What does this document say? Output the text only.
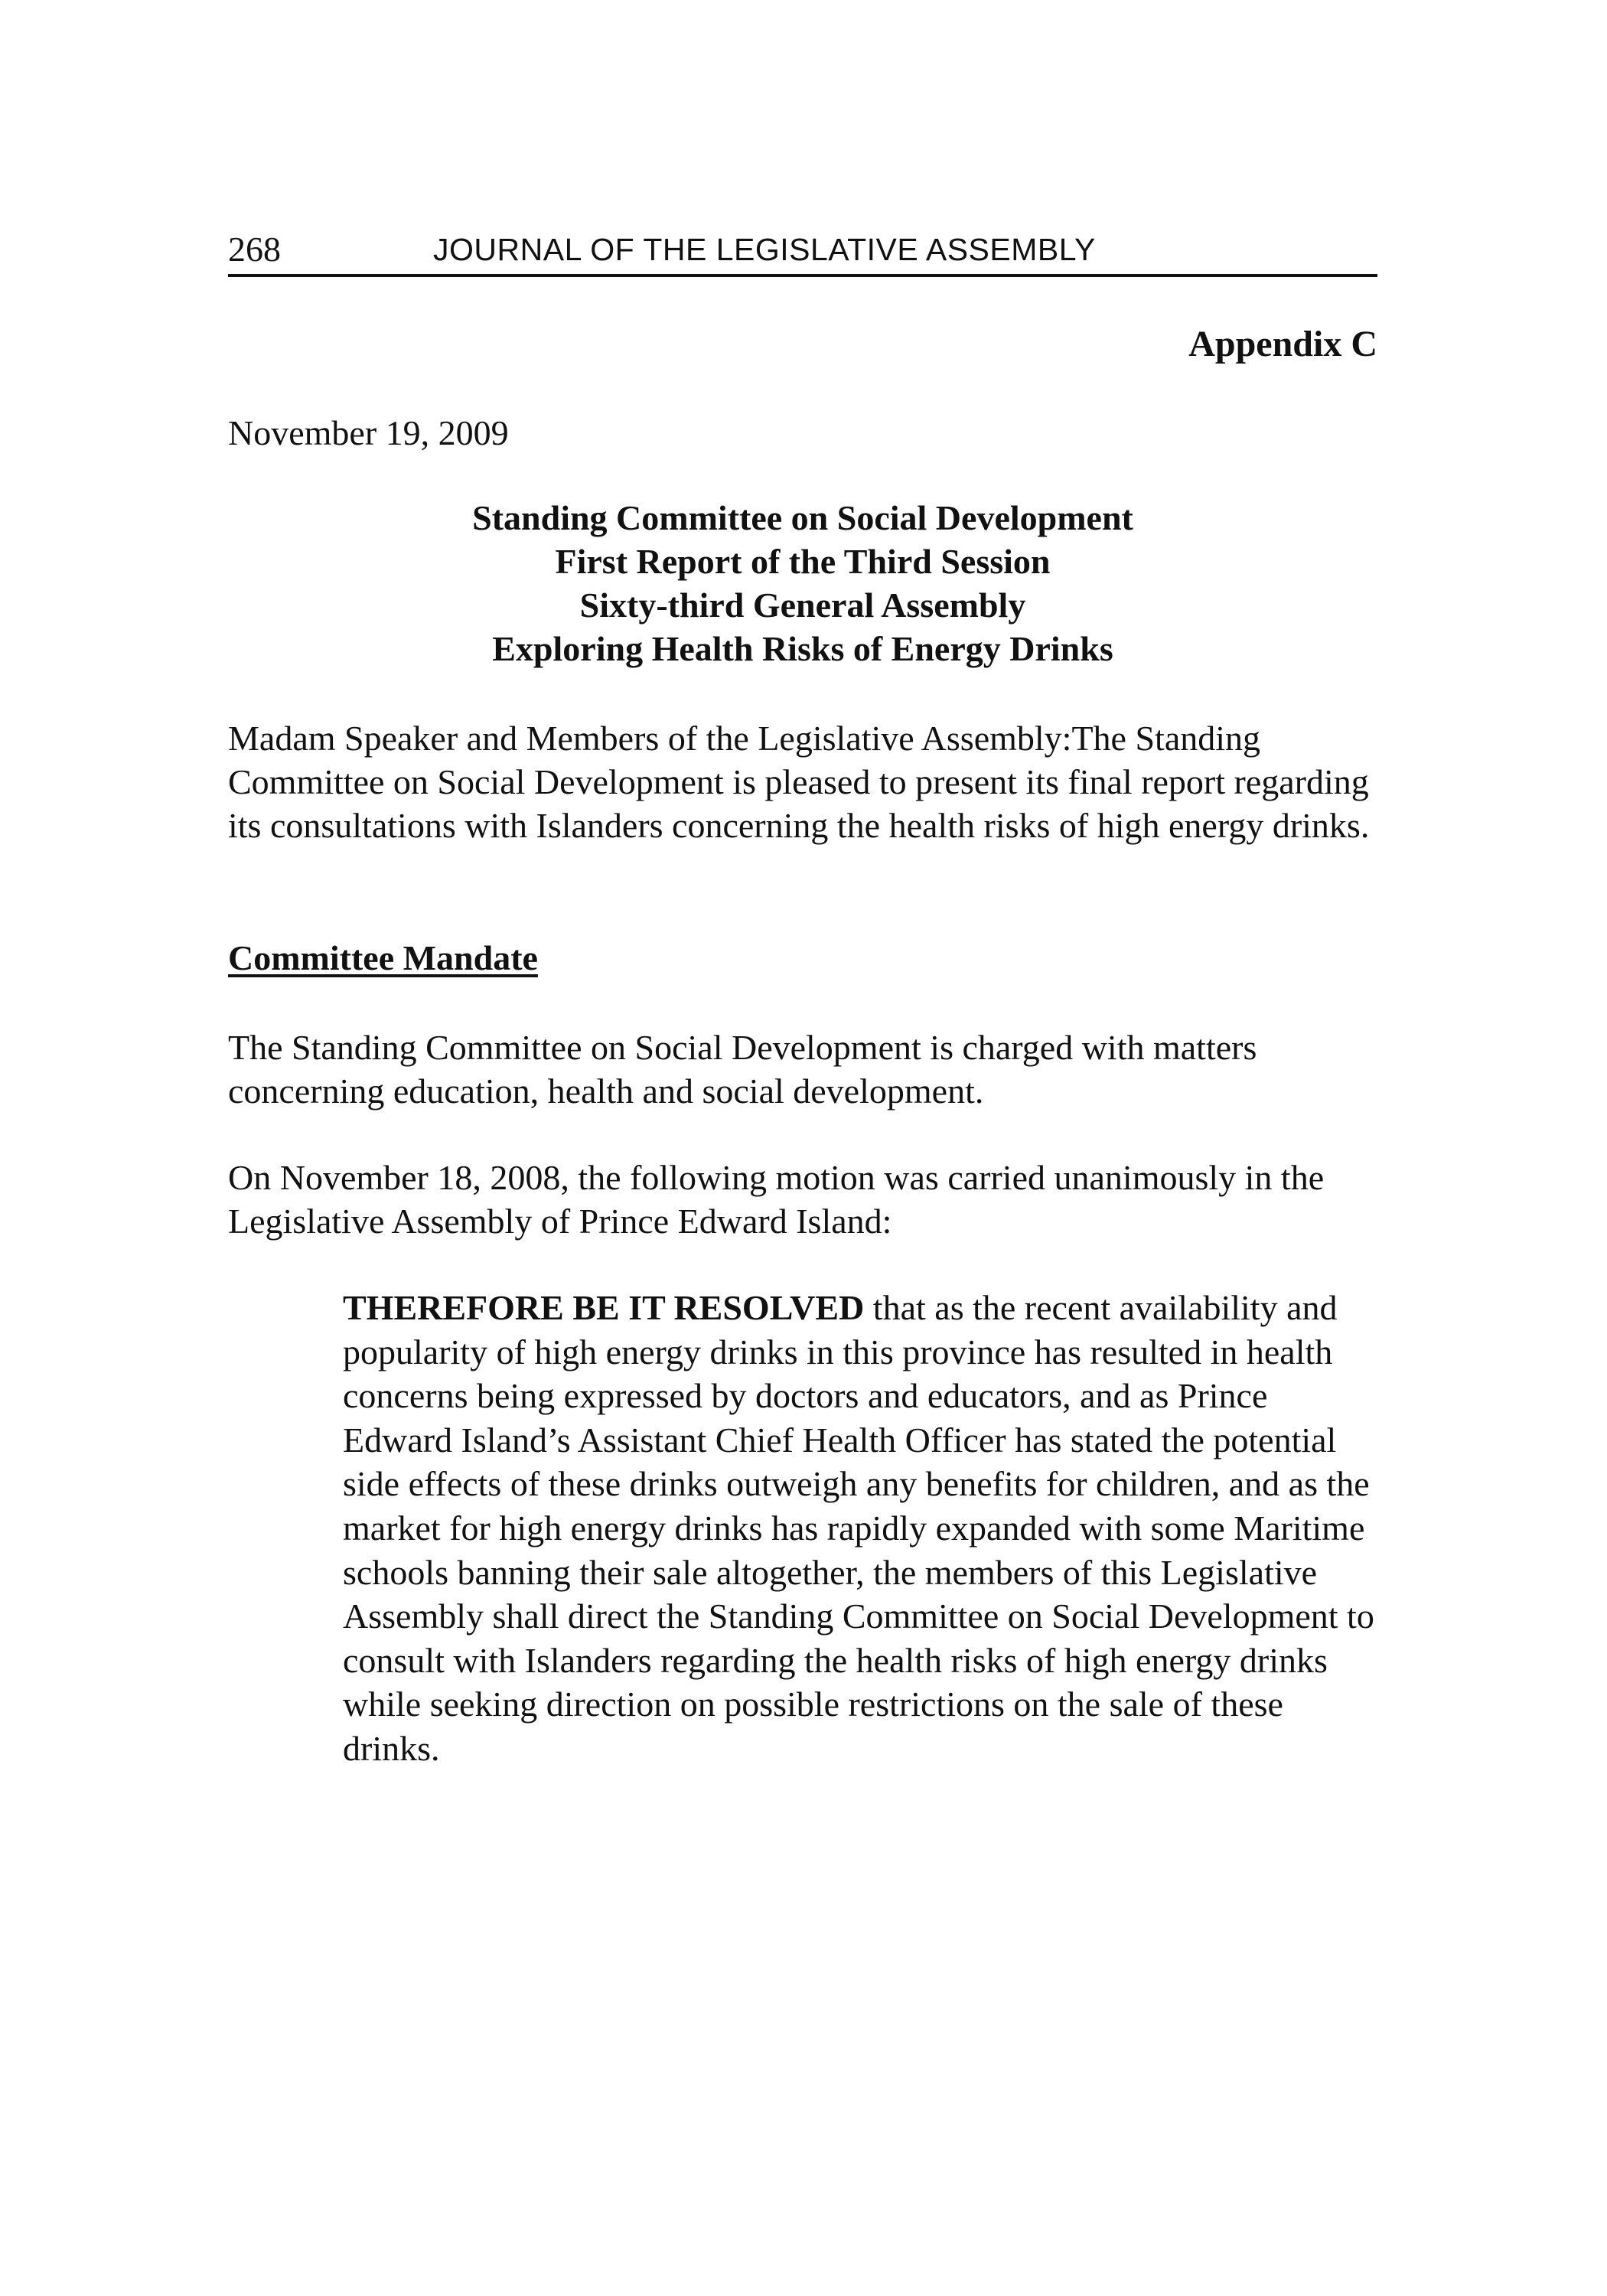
268	JOURNAL OF THE LEGISLATIVE ASSEMBLY
Appendix C
November 19, 2009
Standing Committee on Social Development
First Report of the Third Session
Sixty-third General Assembly
Exploring Health Risks of Energy Drinks

Madam Speaker and Members of the Legislative Assembly:The Standing Committee on Social Development is pleased to present its final report regarding its consultations with Islanders concerning the health risks of high energy drinks.

Committee Mandate

The Standing Committee on Social Development is charged with matters concerning education, health and social development.

On November 18, 2008, the following motion was carried unanimously in the Legislative Assembly of Prince Edward Island:

THEREFORE BE IT RESOLVED that as the recent availability and popularity of high energy drinks in this province has resulted in health concerns being expressed by doctors and educators, and as Prince Edward Island’s Assistant Chief Health Officer has stated the potential side effects of these drinks outweigh any benefits for children, and as the market for high energy drinks has rapidly expanded with some Maritime schools banning their sale altogether, the members of this Legislative Assembly shall direct the Standing Committee on Social Development to consult with Islanders regarding the health risks of high energy drinks while seeking direction on possible restrictions on the sale of these drinks.
